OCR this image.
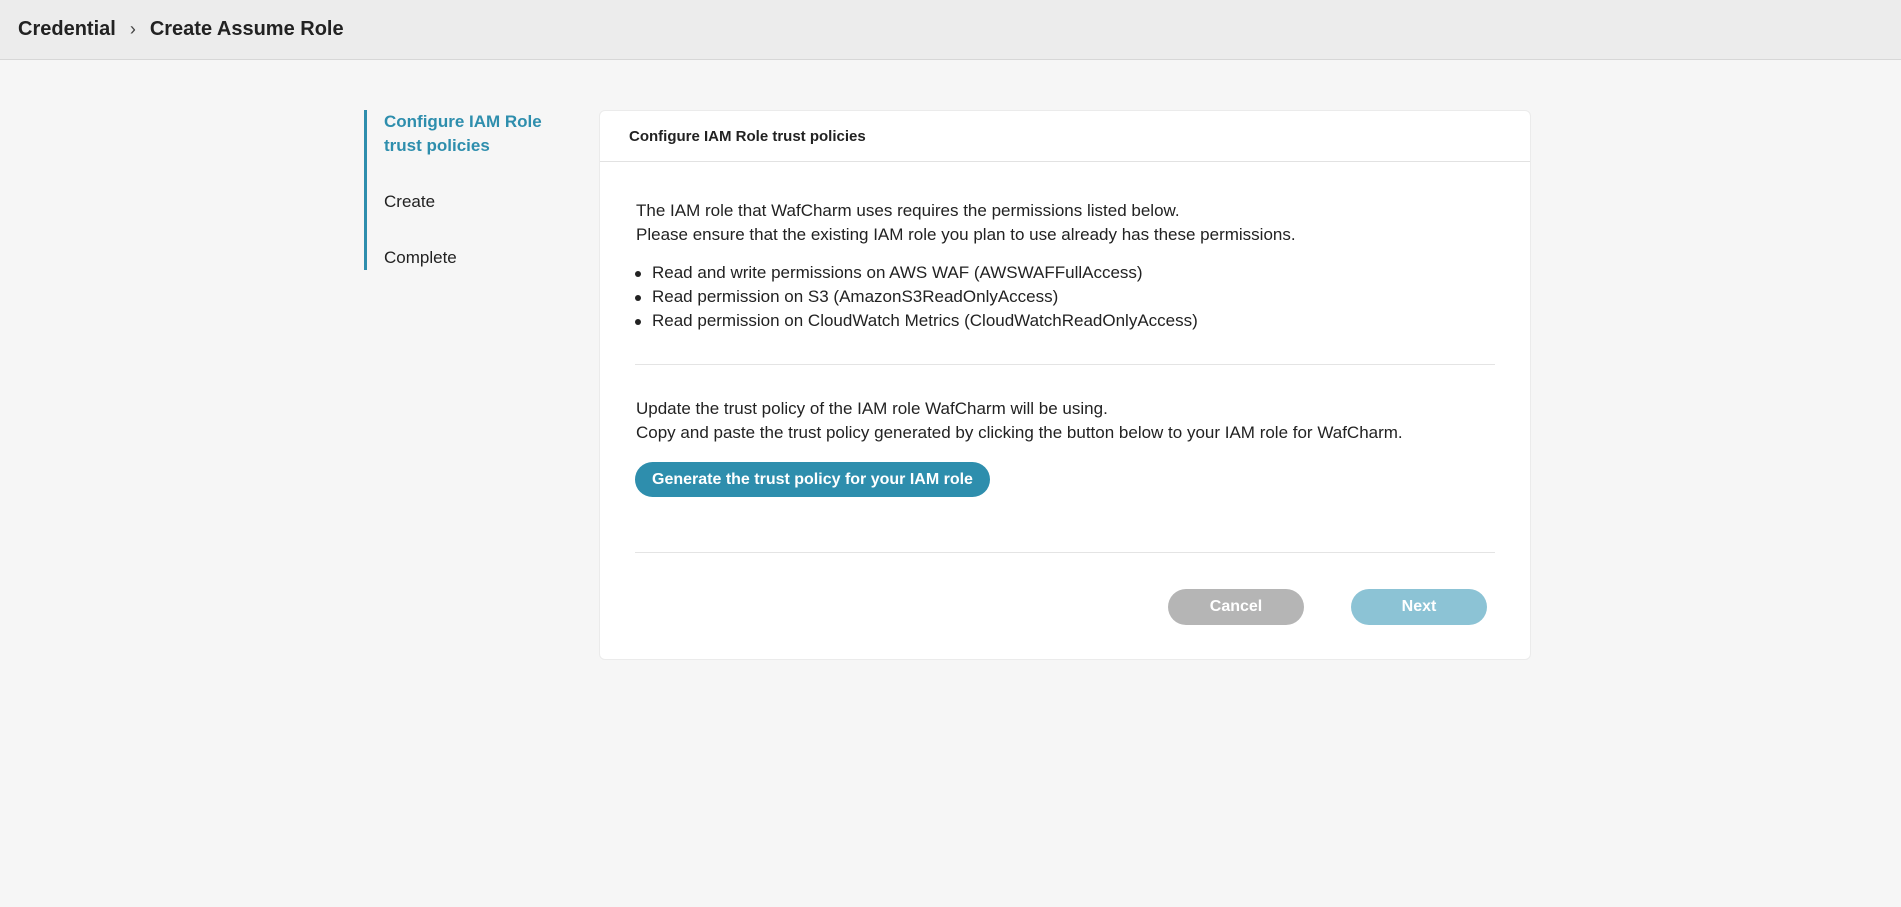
Credential › Create Assume Role
Configure IAM Role trust policies
Create
Complete
Configure IAM Role trust policies
The IAM role that WafCharm uses requires the permissions listed below.
Please ensure that the existing IAM role you plan to use already has these permissions.
Read and write permissions on AWS WAF (AWSWAFFullAccess)
Read permission on S3 (AmazonS3ReadOnlyAccess)
Read permission on CloudWatch Metrics (CloudWatchReadOnlyAccess)
Update the trust policy of the IAM role WafCharm will be using.
Copy and paste the trust policy generated by clicking the button below to your IAM role for WafCharm.
Generate the trust policy for your IAM role
Cancel	Next
